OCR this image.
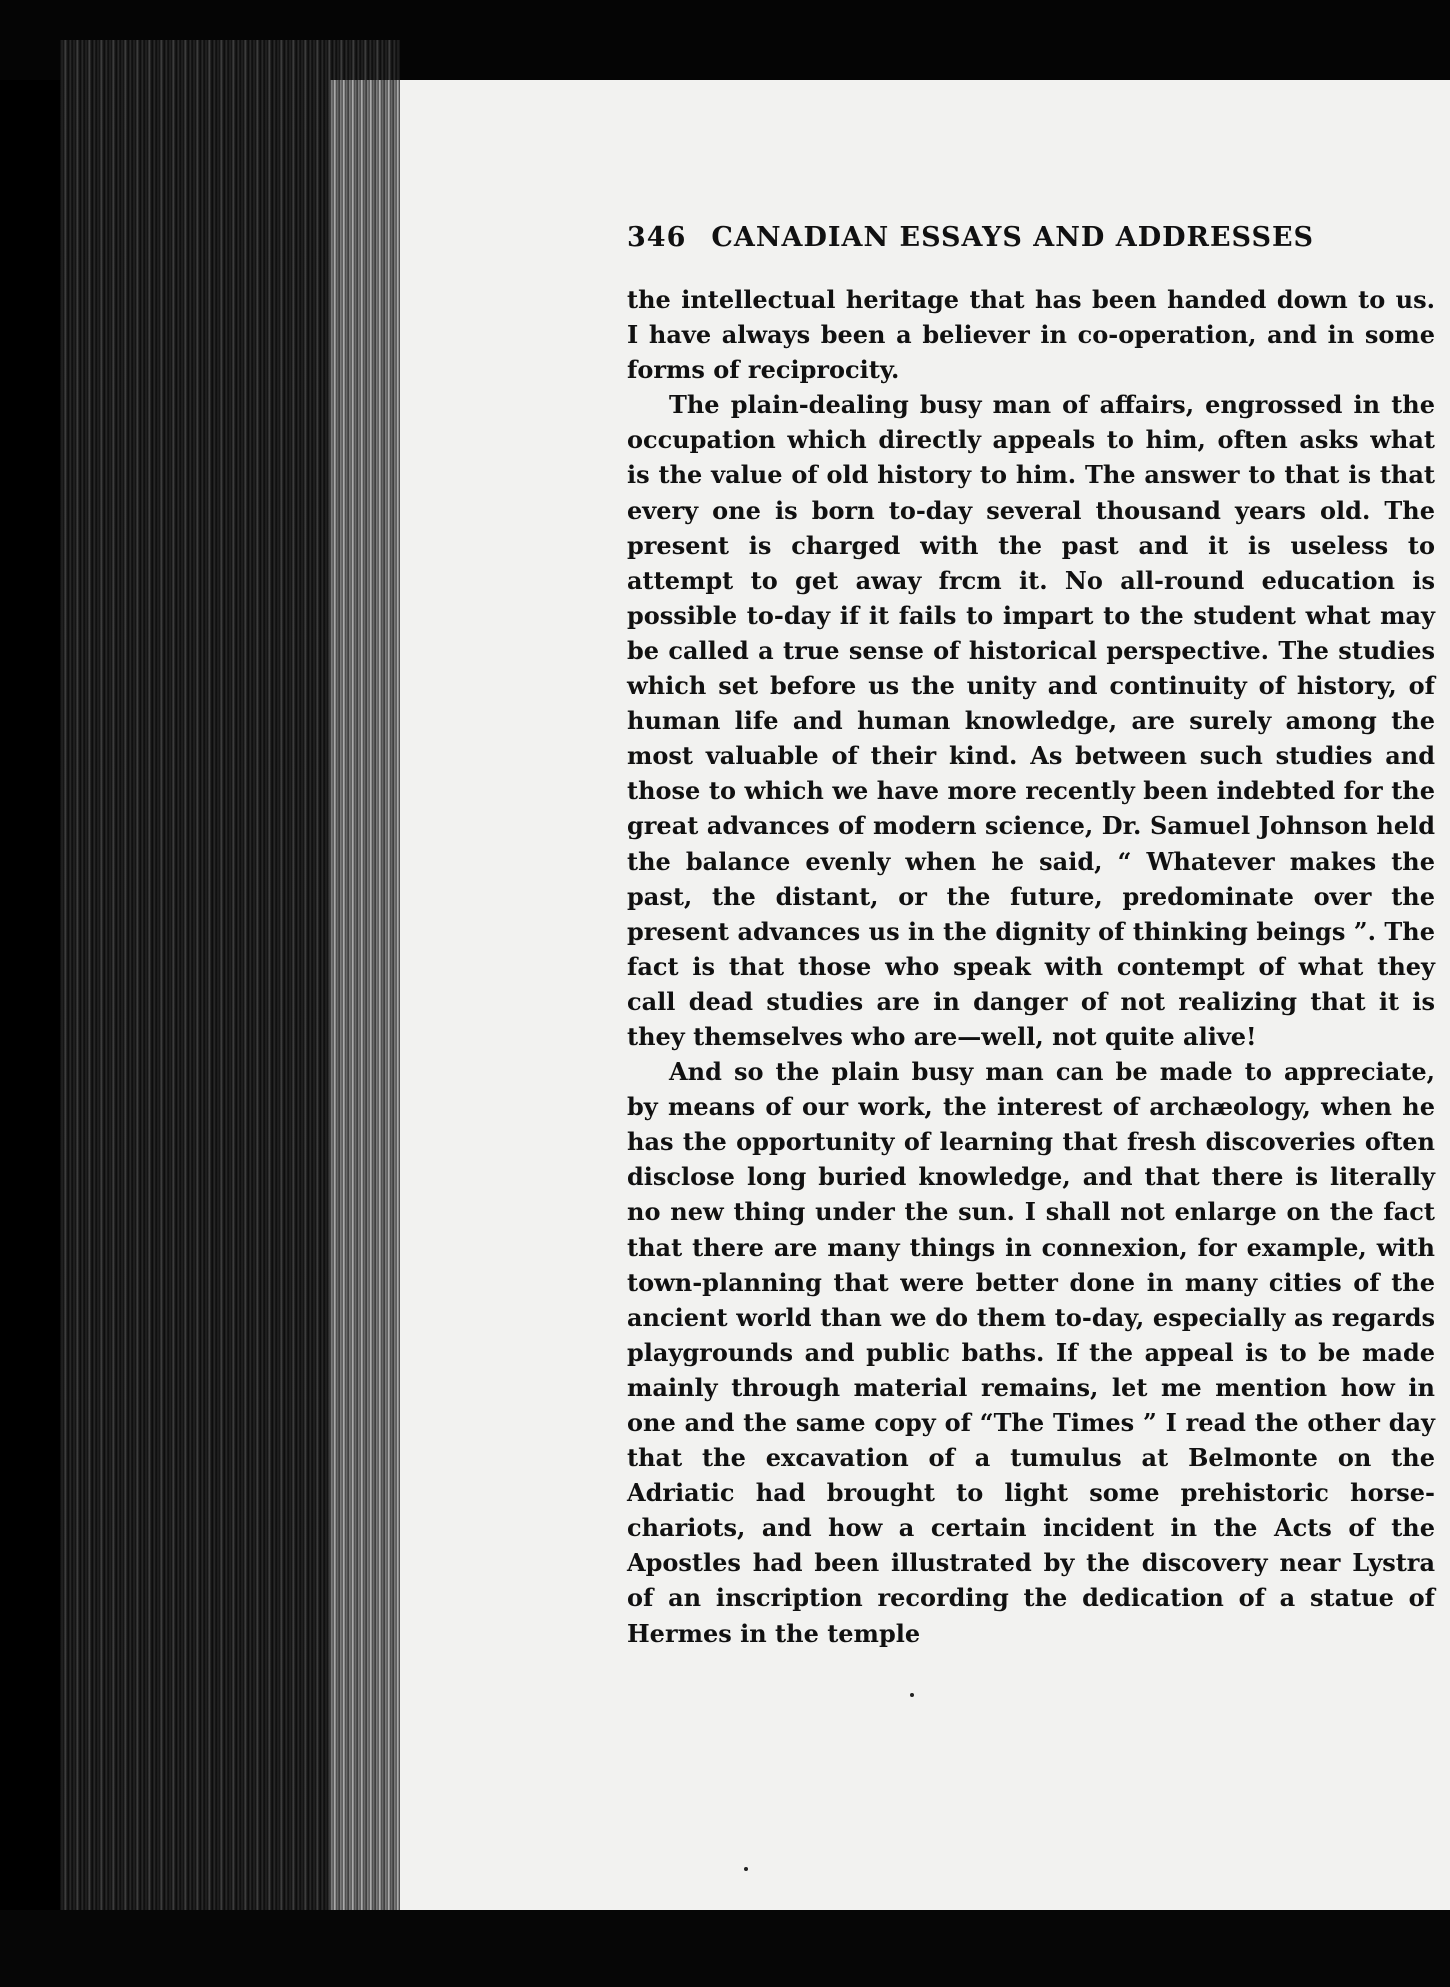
346 CANADIAN ESSAYS AND ADDRESSES

the intellectual heritage that has been handed down to us. I have always been a believer in co-operation, and in some forms of reciprocity.

The plain-dealing busy man of affairs, engrossed in the occupation which directly appeals to him, often asks what is the value of old history to him. The answer to that is that every one is born to-day several thousand years old. The present is charged with the past and it is useless to attempt to get away frcm it. No all-round education is possible to-day if it fails to impart to the student what may be called a true sense of historical perspective. The studies which set before us the unity and continuity of history, of human life and human knowledge, are surely among the most valuable of their kind. As between such studies and those to which we have more recently been indebted for the great advances of modern science, Dr. Samuel Johnson held the balance evenly when he said, “ Whatever makes the past, the distant, or the future, predominate over the present advances us in the dignity of thinking beings ”. The fact is that those who speak with contempt of what they call dead studies are in danger of not realizing that it is they themselves who are—well, not quite alive!

And so the plain busy man can be made to appreciate, by means of our work, the interest of archæology, when he has the opportunity of learning that fresh discoveries often disclose long buried knowledge, and that there is literally no new thing under the sun. I shall not enlarge on the fact that there are many things in connexion, for example, with town-planning that were better done in many cities of the ancient world than we do them to-day, especially as regards playgrounds and public baths. If the appeal is to be made mainly through material remains, let me mention how in one and the same copy of “The Times ” I read the other day that the excavation of a tumulus at Belmonte on the Adriatic had brought to light some prehistoric horse-chariots, and how a certain incident in the Acts of the Apostles had been illustrated by the discovery near Lystra of an inscription recording the dedication of a statue of Hermes in the temple
